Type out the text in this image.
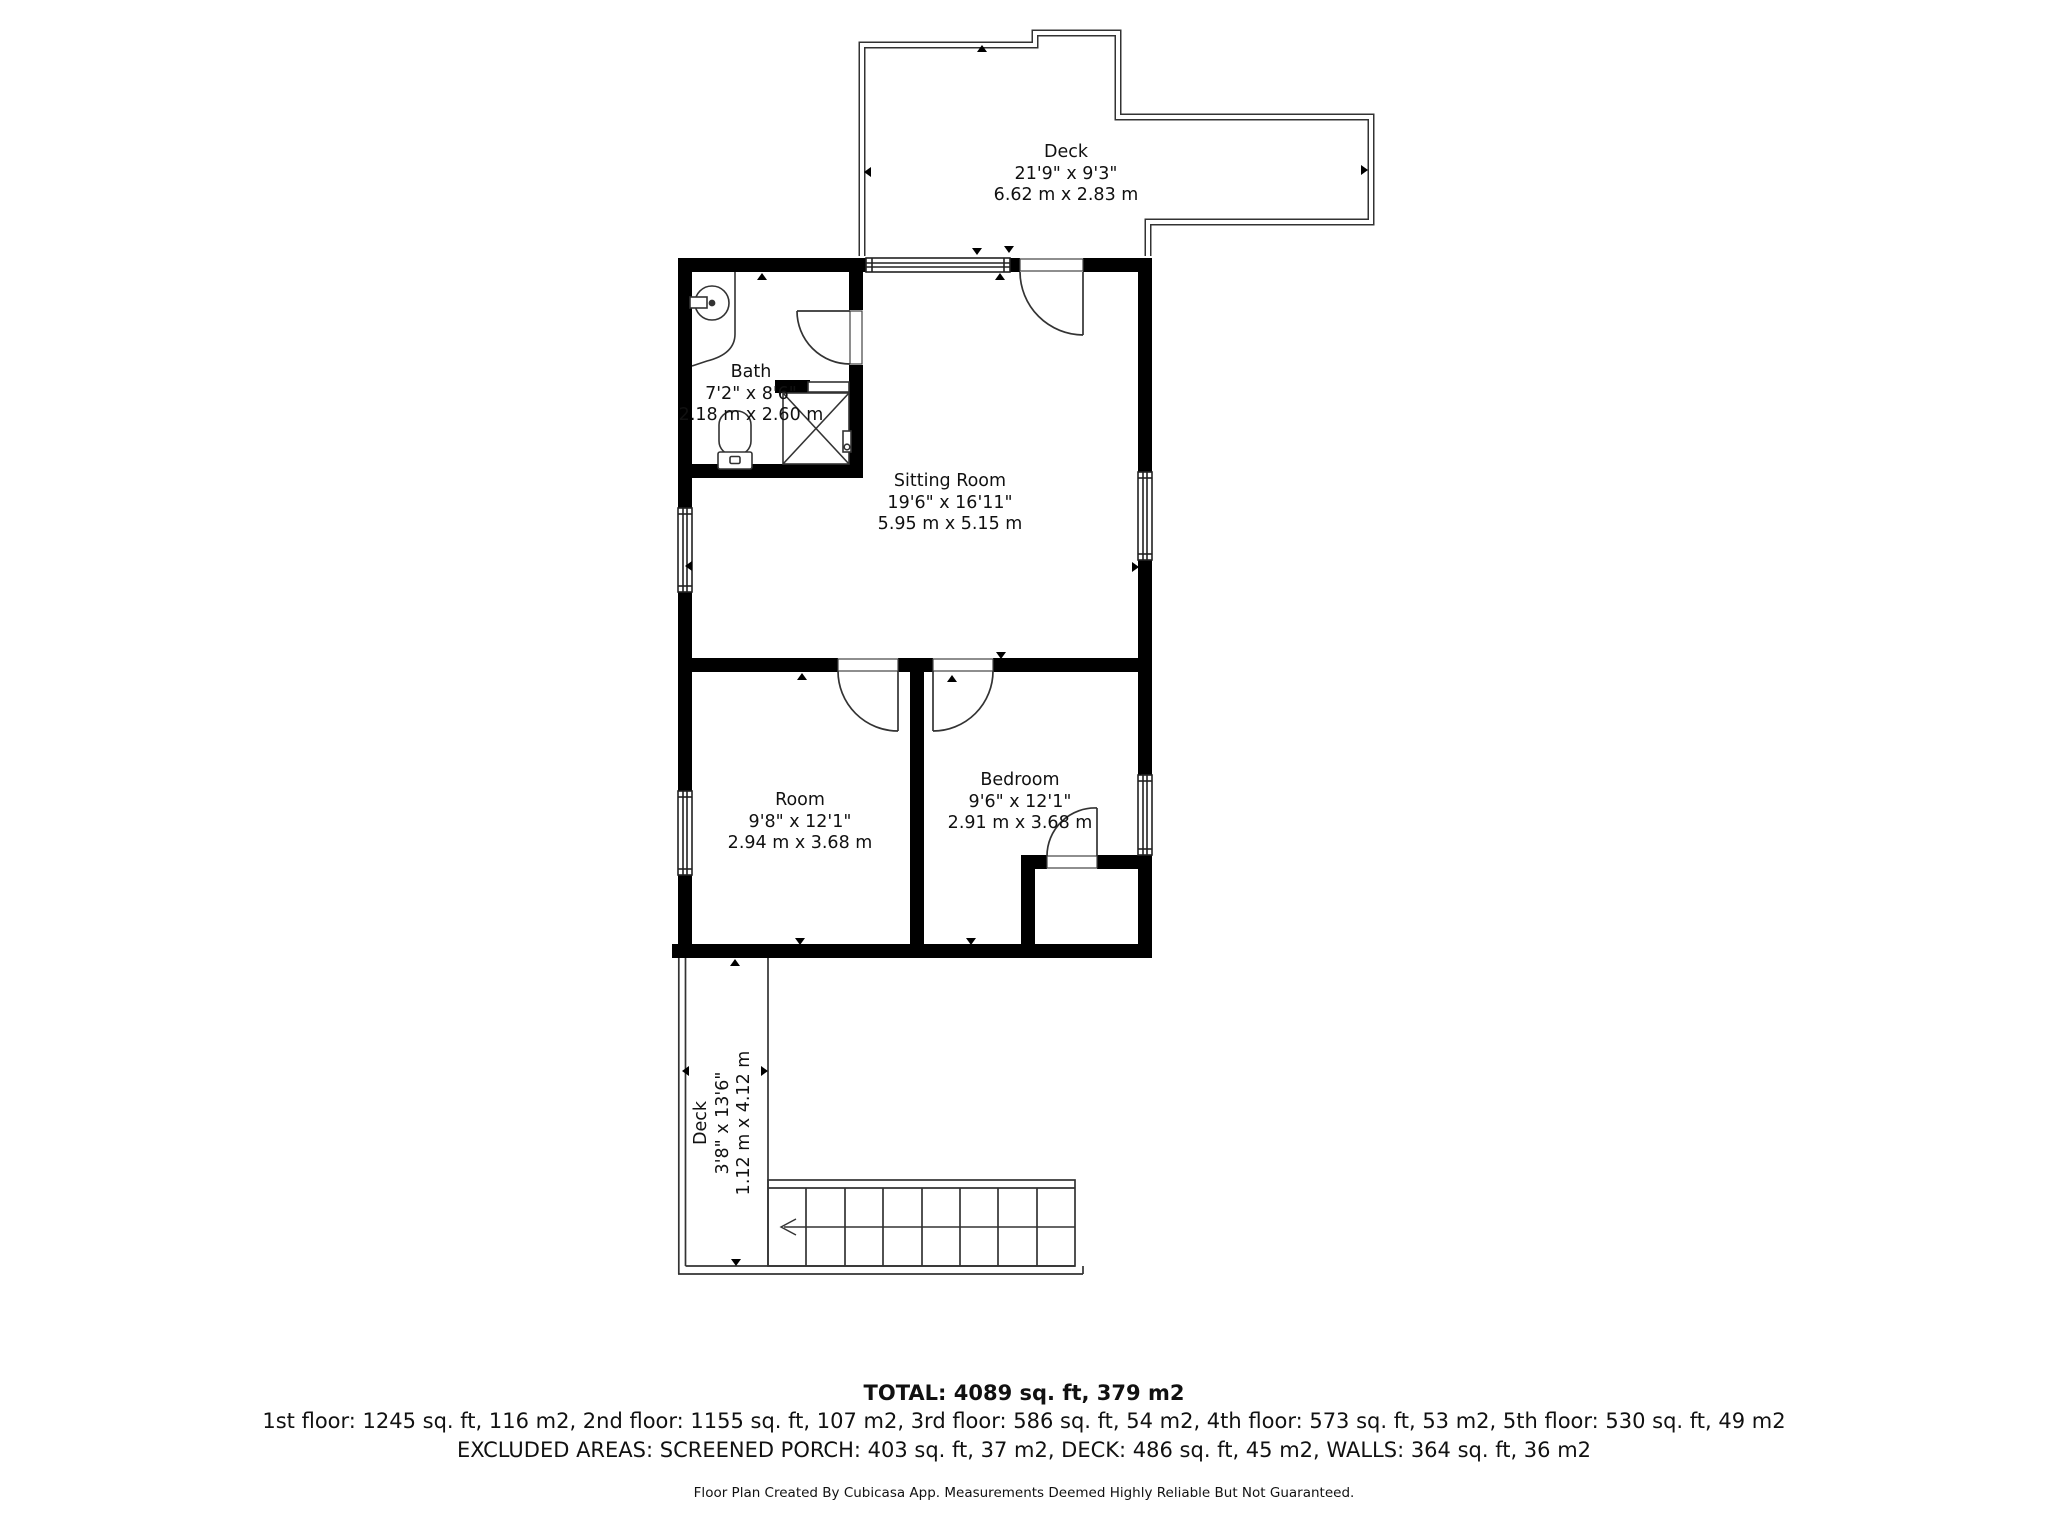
Deck
21'9" x 9'3"
6.62 m x 2.83 m
Bath
7'2" x 8'6"
2.18 m x 2.60 m
Sitting Room
19'6" x 16'11"
5.95 m x 5.15 m
Room
9'8" x 12'1"
2.94 m x 3.68 m
Bedroom
9'6" x 12'1"
2.91 m x 3.68 m
Deck 3'8" x 13'6" 1.12 m x 4.12 m
TOTAL: 4089 sq. ft, 379 m2
1st floor: 1245 sq. ft, 116 m2, 2nd floor: 1155 sq. ft, 107 m2, 3rd floor: 586 sq. ft, 54 m2, 4th floor: 573 sq. ft, 53 m2, 5th floor: 530 sq. ft, 49 m2
EXCLUDED AREAS: SCREENED PORCH: 403 sq. ft, 37 m2, DECK: 486 sq. ft, 45 m2, WALLS: 364 sq. ft, 36 m2
Floor Plan Created By Cubicasa App. Measurements Deemed Highly Reliable But Not Guaranteed.
